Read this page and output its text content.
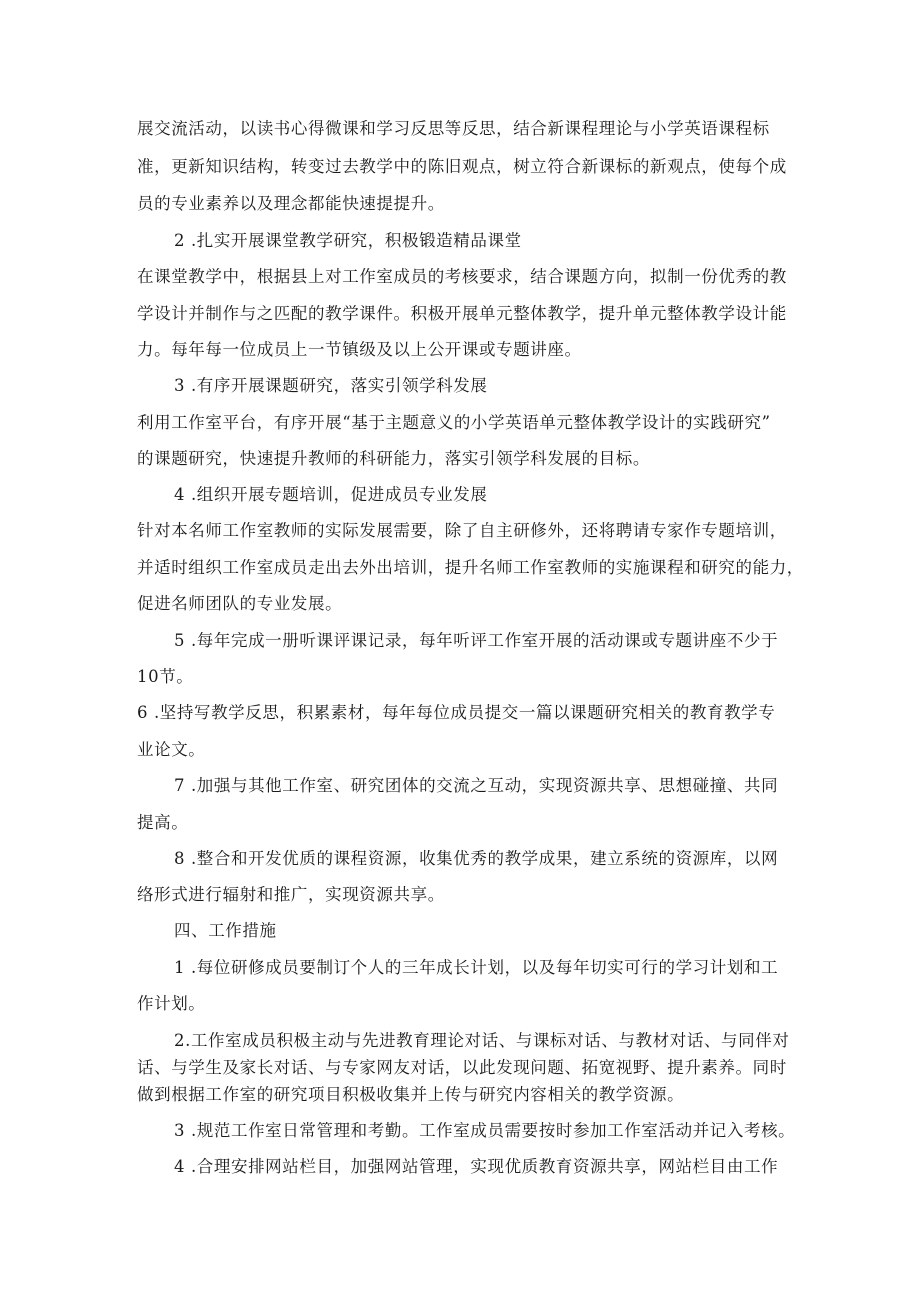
展交流活动，以读书心得微课和学习反思等反思，结合新课程理论与小学英语课程标
准，更新知识结构，转变过去教学中的陈旧观点，树立符合新课标的新观点，使每个成
员的专业素养以及理念都能快速提提升。
2 .扎实开展课堂教学研究，积极锻造精品课堂
在课堂教学中，根据县上对工作室成员的考核要求，结合课题方向，拟制一份优秀的教
学设计并制作与之匹配的教学课件。积极开展单元整体教学，提升单元整体教学设计能
力。每年每一位成员上一节镇级及以上公开课或专题讲座。
3 .有序开展课题研究，落实引领学科发展
利用工作室平台，有序开展“基于主题意义的小学英语单元整体教学设计的实践研究”
的课题研究，快速提升教师的科研能力，落实引领学科发展的目标。
4 .组织开展专题培训，促进成员专业发展
针对本名师工作室教师的实际发展需要，除了自主研修外，还将聘请专家作专题培训，
并适时组织工作室成员走出去外出培训，提升名师工作室教师的实施课程和研究的能力，
促进名师团队的专业发展。
5 .每年完成一册听课评课记录，每年听评工作室开展的活动课或专题讲座不少于
10节。
6 .坚持写教学反思，积累素材，每年每位成员提交一篇以课题研究相关的教育教学专
业论文。
7 .加强与其他工作室、研究团体的交流之互动，实现资源共享、思想碰撞、共同
提高。
8 .整合和开发优质的课程资源，收集优秀的教学成果，建立系统的资源库，以网
络形式进行辐射和推广，实现资源共享。
四、工作措施
1 .每位研修成员要制订个人的三年成长计划，以及每年切实可行的学习计划和工
作计划。
2.工作室成员积极主动与先进教育理论对话、与课标对话、与教材对话、与同伴对
话、与学生及家长对话、与专家网友对话，以此发现问题、拓宽视野、提升素养。同时
做到根据工作室的研究项目积极收集并上传与研究内容相关的教学资源。
3 .规范工作室日常管理和考勤。工作室成员需要按时参加工作室活动并记入考核。
4 .合理安排网站栏目，加强网站管理，实现优质教育资源共享，网站栏目由工作
